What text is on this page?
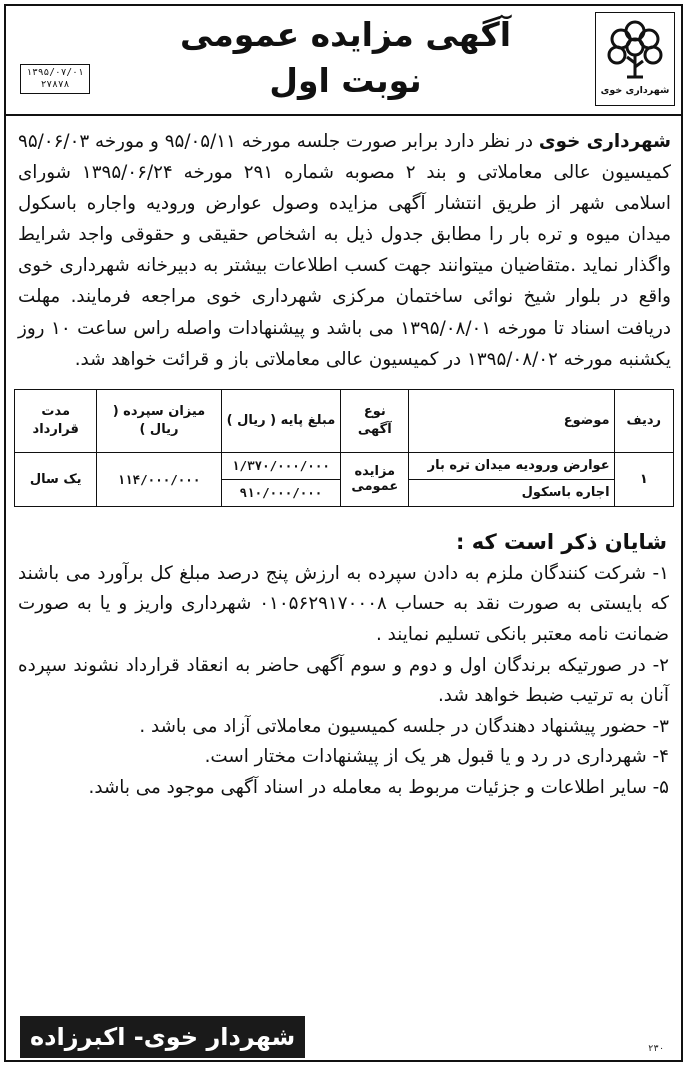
شهرداری خوی
آگهی مزایده عمومی
نوبت اول
۱۳۹۵/۰۷/۰۱
۲۷۸۷۸
شهرداری خوی در نظر دارد برابر صورت جلسه مورخه ۹۵/۰۵/۱۱ و مورخه ۹۵/۰۶/۰۳ کمیسیون عالی معاملاتی و بند ۲ مصوبه شماره ۲۹۱ مورخه ۱۳۹۵/۰۶/۲۴ شورای اسلامی شهر از طریق انتشار آگهی مزایده وصول عوارض ورودیه واجاره باسکول میدان میوه و تره بار را مطابق جدول ذیل به اشخاص حقیقی و حقوقی واجد شرایط واگذار نماید .متقاضیان میتوانند جهت کسب اطلاعات بیشتر به دبیرخانه شهرداری خوی واقع در بلوار شیخ نوائی ساختمان مرکزی شهرداری خوی مراجعه فرمایند. مهلت دریافت اسناد تا مورخه ۱۳۹۵/۰۸/۰۱ می باشد و پیشنهادات واصله راس ساعت ۱۰ روز یکشنبه مورخه ۱۳۹۵/۰۸/۰۲ در کمیسیون عالی معاملاتی باز و قرائت خواهد شد.
ردیف	موضوع	نوع آگهی	مبلغ پایه ( ریال )	میزان سپرده ( ریال )	مدت قرارداد
۱	عوارض ورودیه میدان تره بار	مزایده عمومی	۱/۳۷۰/۰۰۰/۰۰۰	۱۱۴/۰۰۰/۰۰۰	یک سال
	اجاره باسکول		۹۱۰/۰۰۰/۰۰۰		
شایان ذکر است که :

۱- شرکت کنندگان ملزم به دادن سپرده به ارزش پنج درصد مبلغ کل برآورد می باشند که بایستی به صورت نقد به حساب ۰۱۰۵۶۲۹۱۷۰۰۰۸ شهرداری واریز و یا به صورت ضمانت نامه معتبر بانکی تسلیم نمایند .

۲- در صورتیکه برندگان اول و دوم و سوم آگهی حاضر به انعقاد قرارداد نشوند سپرده آنان به ترتیب ضبط خواهد شد.

۳- حضور پیشنهاد دهندگان در جلسه کمیسیون معاملاتی آزاد می باشد .

۴- شهرداری در رد و یا قبول هر یک از پیشنهادات مختار است.

۵- سایر اطلاعات و جزئیات مربوط به معامله در اسناد آگهی موجود می باشد.

شهردار خوی- اکبرزاده	۲۳۰
